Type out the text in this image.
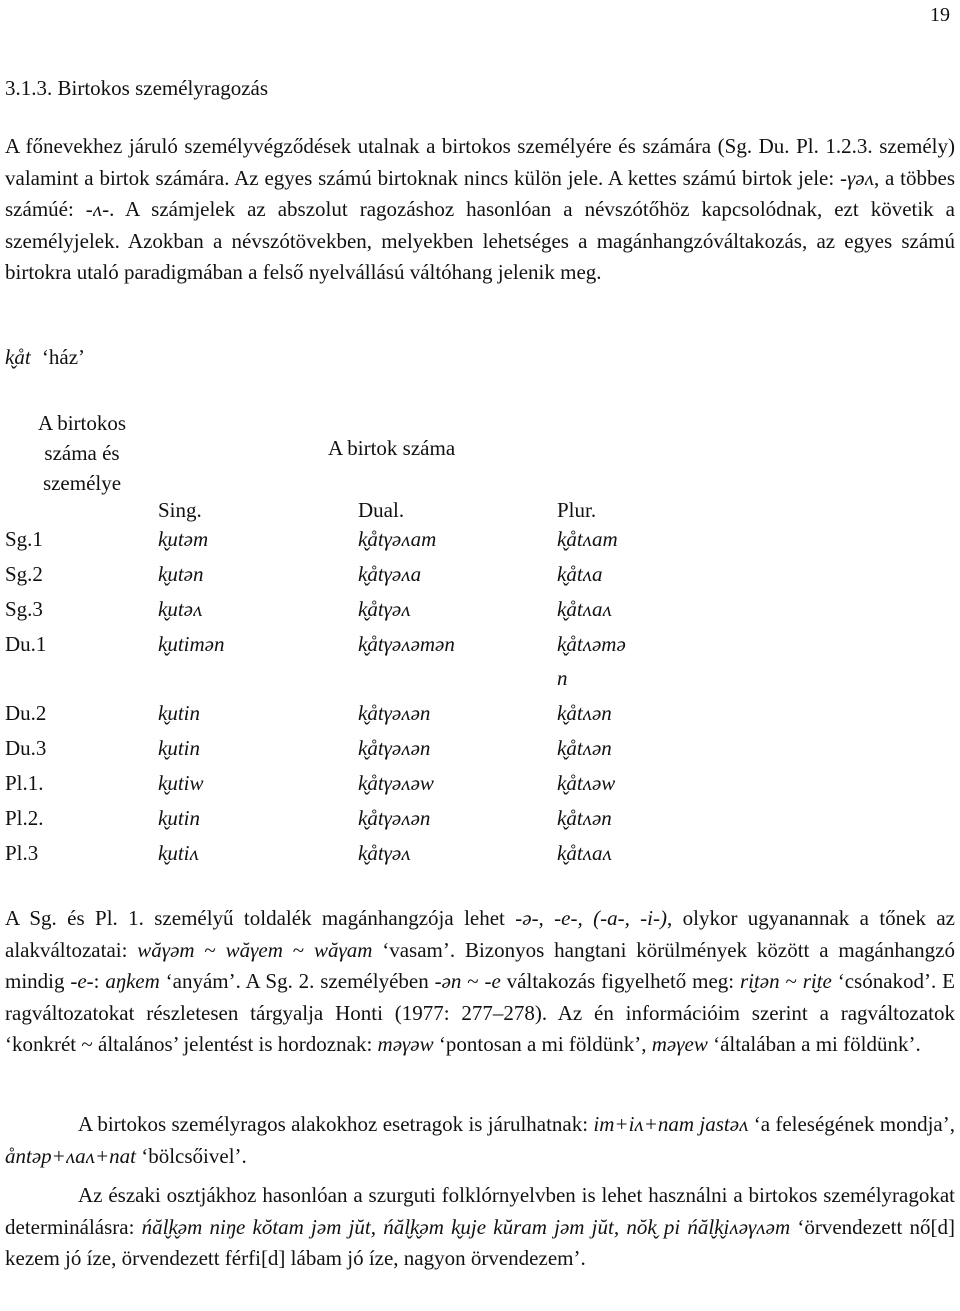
19
3.1.3. Birtokos személyragozás

A főnevekhez járuló személyvégződések utalnak a birtokos személyére és számára (Sg. Du. Pl. 1.2.3. személy) valamint a birtok számára. Az egyes számú birtoknak nincs külön jele. A kettes számú birtok jele: -γəʌ, a többes számúé: -ʌ-. A számjelek az abszolut ragozáshoz hasonlóan a névszótőhöz kapcsolódnak, ezt követik a személyjelek. Azokban a névszótövekben, melyekben lehetséges a magánhangzóváltakozás, az egyes számú birtokra utaló paradigmában a felső nyelvállású váltóhang jelenik meg.

k̬åt ‘ház’
A birtokos
száma és
személye
A birtok száma
Sing.	Dual.	Plur.
Sg.1	k̬utəm	k̬åtγəʌam	k̬åtʌam
Sg.2	k̬utən	k̬åtγəʌa	k̬åtʌa
Sg.3	k̬utəʌ	k̬åtγəʌ	k̬åtʌaʌ
Du.1	k̬utimən	k̬åtγəʌəmən	k̬åtʌəmə
n
Du.2	k̬utin	k̬åtγəʌən	k̬åtʌən
Du.3	k̬utin	k̬åtγəʌən	k̬åtʌən
Pl.1.	k̬utiw	k̬åtγəʌəw	k̬åtʌəw
Pl.2.	k̬utin	k̬åtγəʌən	k̬åtʌən
Pl.3	k̬utiʌ	k̬åtγəʌ	k̬åtʌaʌ

A Sg. és Pl. 1. személyű toldalék magánhangzója lehet -ə-, -e-, (-a-, -i-), olykor ugyanannak a tőnek az alakváltozatai: wăγəm ~ wăγem ~ wăγam ‘vasam’. Bizonyos hangtani körülmények között a magánhangzó mindig -e-: aŋkem ‘anyám’. A Sg. 2. személyében -ən ~ -e váltakozás figyelhető meg: ri̮tən ~ ri̮te ‘csónakod’. E ragváltozatokat részletesen tárgyalja Honti (1977: 277–278). Az én információim szerint a ragváltozatok ‘konkrét ~ általános’ jelentést is hordoznak: məγəw ‘pontosan a mi földünk’, məγew ‘általában a mi földünk’.

A birtokos személyragos alakokhoz esetragok is járulhatnak: im+iʌ+nam jastəʌ ‘a feleségének mondja’, åntəp+ʌaʌ+nat ‘bölcsőivel’.

Az északi osztjákhoz hasonlóan a szurguti folklórnyelvben is lehet használni a birtokos személyragokat determinálásra: ńăl̬k̬əm niŋe kŏtam jəm jŭt, ńăl̬k̬əm k̬uje kŭram jəm jŭt, nŏk̬ pi ńăl̬k̬iʌəγʌəm ‘örvendezett nő[d] kezem jó íze, örvendezett férfi[d] lábam jó íze, nagyon örvendezem’.
